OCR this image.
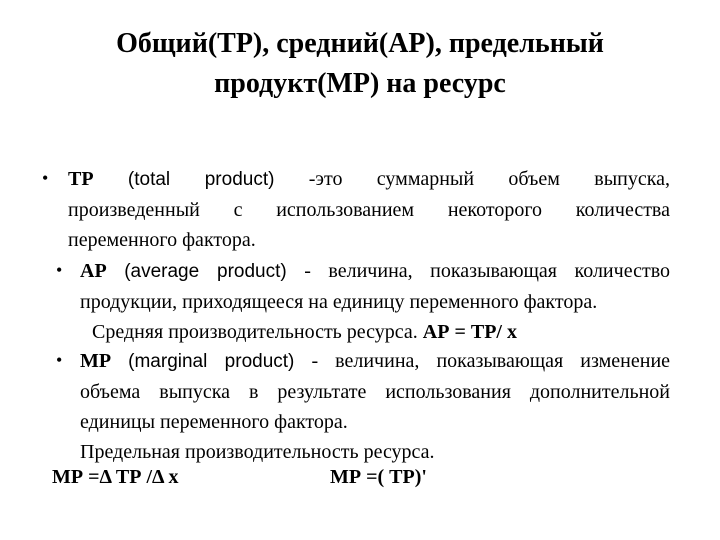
Общий(ТР), средний(АР), предельный
продукт(МР) на ресурс
• TP (total product) -это суммарный объем выпуска,
произведенный с использованием некоторого количества
переменного фактора.
• АР (average product) - величина, показывающая количество
продукции, приходящееся на единицу переменного фактора.
Средняя производительность ресурса. АР = ТР/ х
• МР (marginal product) - величина, показывающая изменение
объема выпуска в результате использования дополнительной
единицы переменного фактора.
Предельная производительность ресурса.
МР =Δ ТР /Δ х	МР =( ТР)'
